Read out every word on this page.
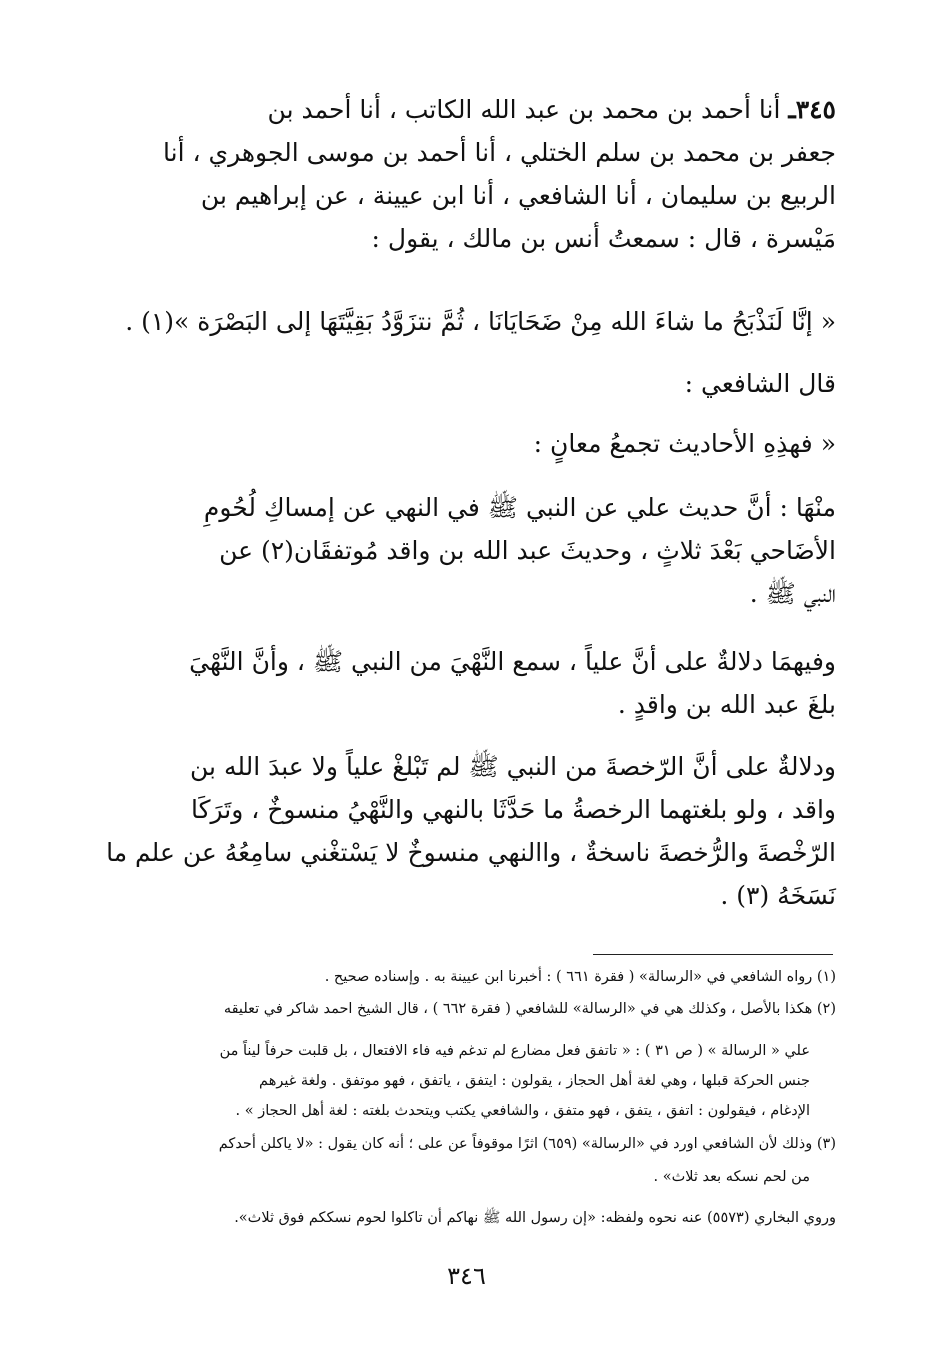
٣٤٥ـ أنا أحمد بن محمد بن عبد الله الكاتب ، أنا أحمد بن
جعفر بن محمد بن سلم الختلي ، أنا أحمد بن موسى الجوهري ، أنا
الربيع بن سليمان ، أنا الشافعي ، أنا ابن عيينة ، عن إبراهيم بن
مَيْسرة ، قال : سمعتُ أنس بن مالك ، يقول :
« إنَّا لَنَذْبَحُ ما شاءَ الله مِنْ ضَحَايَانَا ، ثُمَّ نتزَوَّدُ بَقِيَّتَهَا إلى البَصْرَة »(١) .
قال الشافعي :
« فهذِهِ الأحاديث تجمعُ معانٍ :
منْهَا : أنَّ حديث علي عن النبي ﷺ في النهي عن إمساكِ لُحُومِ
الأضَاحي بَعْدَ ثلاثٍ ، وحديثَ عبد الله بن واقد مُوتفقَان(٢) عن
النبي ﷺ .
وفيهمَا دلالةٌ على أنَّ علياً ، سمع النَّهْيَ من النبي ﷺ ، وأنَّ النَّهْيَ
بلغَ عبد الله بن واقدٍ .
ودلالةٌ على أنَّ الرّخصةَ من النبي ﷺ لم تَبْلغْ علياً ولا عبدَ الله بن
واقد ، ولو بلغتهما الرخصةُ ما حَدَّثَا بالنهي والنَّهْيُ منسوخٌ ، وتَرَكَا
الرّخْصةَ والرُّخصةَ ناسخةٌ ، واالنهي منسوخٌ لا يَسْتغْني سامِعُهُ عن علم ما
نَسَخَهُ (٣) .
(١) رواه الشافعي في «الرسالة» ( فقرة ٦٦١ ) : أخبرنا ابن عيينة به . وإسناده صحيح .
(٢) هكذا بالأصل ، وكذلك هي في «الرسالة» للشافعي ( فقرة ٦٦٢ ) ، قال الشيخ احمد شاكر في تعليقه
علي « الرسالة » ( ص ٣١ ) : « تاتفق فعل مضارع لم تدغم فيه فاء الافتعال ، بل قلبت حرفاً ليناً من
جنس الحركة قبلها ، وهي لغة أهل الحجاز ، يقولون : ايتفق ، ياتفق ، فهو موتفق . ولغة غيرهم
الإدغام ، فيقولون : اتفق ، يتفق ، فهو متفق ، والشافعي يكتب ويتحدث بلغته : لغة أهل الحجاز » .
(٣) وذلك لأن الشافعي اورد في «الرسالة» (٦٥٩) اثرًا موقوفاً عن على ؛ أنه كان يقول : «لا ياكلن أحدكم
من لحم نسكه بعد ثلاث» .
وروي البخاري (٥٥٧٣) عنه نحوه ولفظه: «إن رسول الله ﷺ نهاكم أن تاكلوا لحوم نسككم فوق ثلاث».
٣٤٦
